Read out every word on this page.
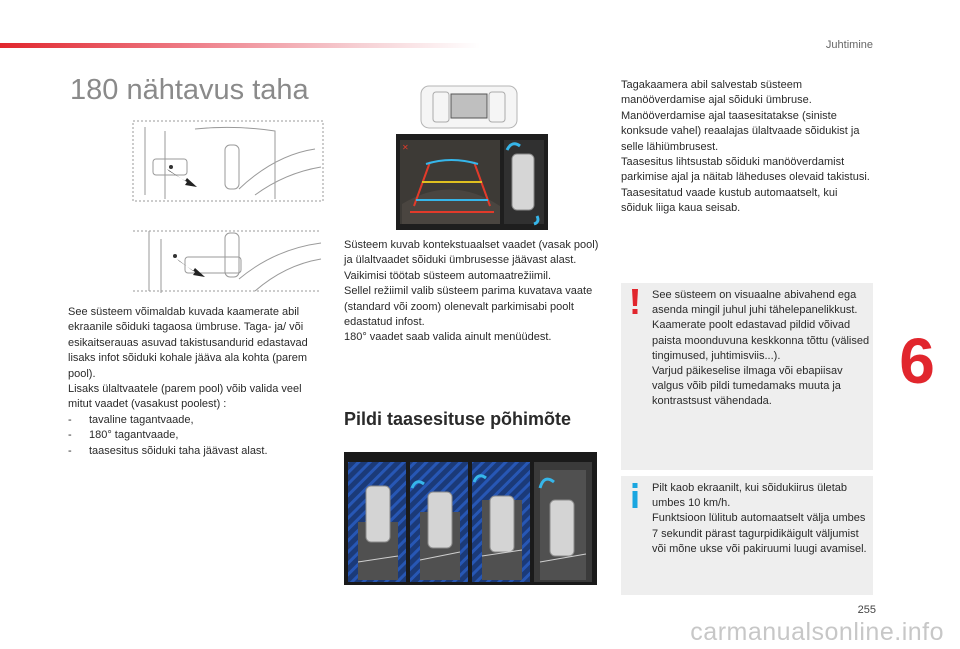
Juhtimine
180 nähtavus taha

See süsteem võimaldab kuvada kaamerate abil ekraanile sõiduki tagaosa ümbruse. Taga- ja/ või esikaitserauas asuvad takistusandurid edastavad lisaks infot sõiduki kohale jääva ala kohta (parem pool).

Lisaks ülaltvaatele (parem pool) võib valida veel mitut vaadet (vasakust poolest) :

-	tavaline tagantvaade,
-	180° tagantvaade,
-	taasesitus sõiduki taha jäävast alast.
✕

Süsteem kuvab kontekstuaalset vaadet (vasak pool) ja ülaltvaadet sõiduki ümbrusesse jäävast alast.

Vaikimisi töötab süsteem automaatrežiimil.

Sellel režiimil valib süsteem parima kuvatava vaate (standard või zoom) olenevalt parkimisabi poolt edastatud infost.

180° vaadet saab valida ainult menüüdest.

Pildi taasesituse põhimõte

Tagakaamera abil salvestab süsteem manööverdamise ajal sõiduki ümbruse.

Manööverdamise ajal taasesitatakse (siniste konksude vahel) reaalajas ülaltvaade sõidukist ja selle lähiümbrusest.

Taasesitus lihtsustab sõiduki manööverdamist parkimise ajal ja näitab läheduses olevaid takistusi.

Taasesitatud vaade kustub automaatselt, kui sõiduk liiga kaua seisab.

See süsteem on visuaalne abivahend ega asenda mingil juhul juhi tähelepanelikkust.

Kaamerate poolt edastavad pildid võivad paista moonduvuna keskkonna tõttu (välised tingimused, juhtimisviis...).

Varjud päikeselise ilmaga või ebapiisav valgus võib pildi tumedamaks muuta ja kontrastsust vähendada.

Pilt kaob ekraanilt, kui sõidukiirus ületab umbes 10 km/h.

Funktsioon lülitub automaatselt välja umbes 7 sekundit pärast tagurpidikäigult väljumist või mõne ukse või pakiruumi luugi avamisel.

6
255
carmanualsonline.info
